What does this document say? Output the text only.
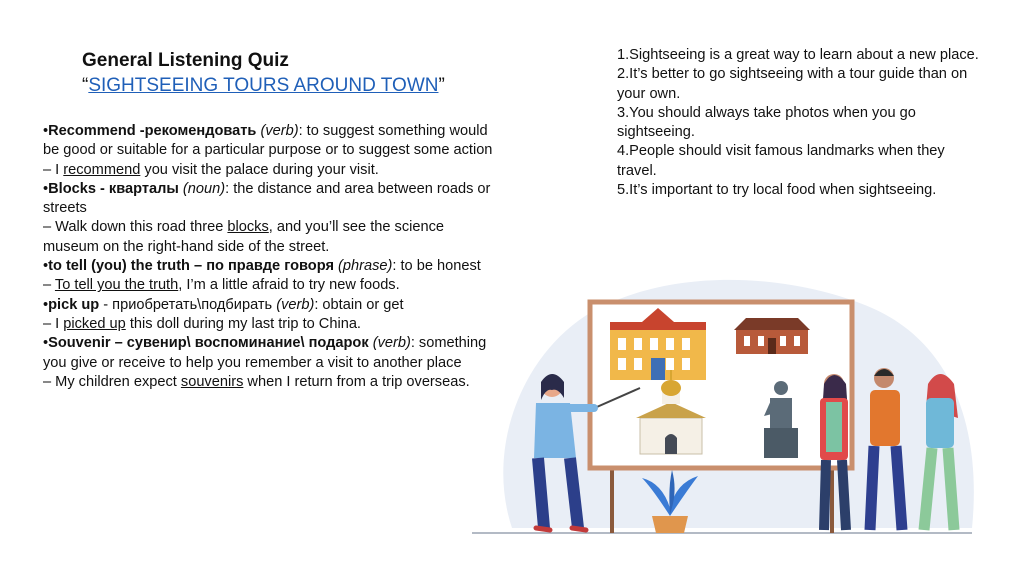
General Listening Quiz

“SIGHTSEEING TOURS AROUND TOWN”

•Recommend -рекомендовать (verb): to suggest something would be good or suitable for a particular purpose or to suggest some action

– I recommend you visit the palace during your visit.

•Blocks - кварталы (noun): the distance and area between roads or streets

– Walk down this road three blocks, and you’ll see the science museum on the right-hand side of the street.

•to tell (you) the truth – по правде говоря (phrase): to be honest

– To tell you the truth, I’m a little afraid to try new foods.

•pick up - приобретать\подбирать (verb): obtain or get

– I picked up this doll during my last trip to China.

•Souvenir – сувенир\ воспоминание\ подарок (verb): something you give or receive to help you remember a visit to another place

– My children expect souvenirs when I return from a trip overseas.

1.Sightseeing is a great way to learn about a new place.

2.It’s better to go sightseeing with a tour guide than on your own.

3.You should always take photos when you go sightseeing.

4.People should visit famous landmarks when they travel.

5.It’s important to try local food when sightseeing.
